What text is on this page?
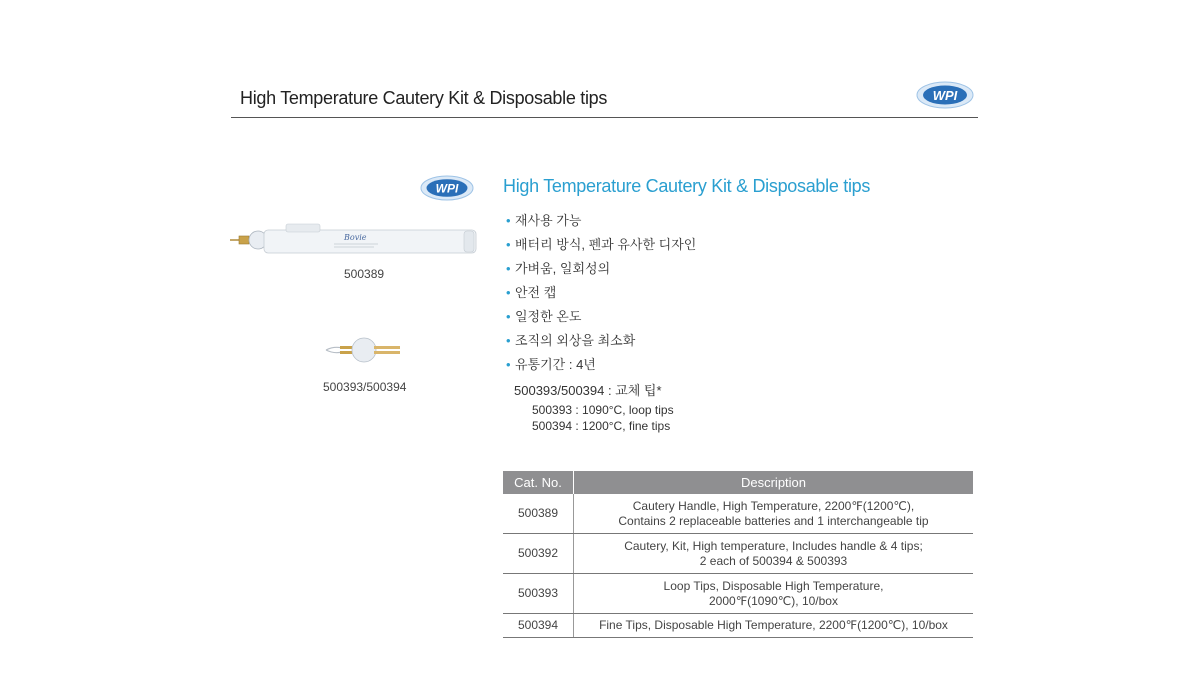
High Temperature Cautery Kit & Disposable tips	WPI
WPI
Bovie
500389
500393/500394
High Temperature Cautery Kit & Disposable tips
• 재사용 가능
• 배터리 방식, 펜과 유사한 디자인
• 가벼움, 일회성의
• 안전 캡
• 일정한 온도
• 조직의 외상을 최소화
• 유통기간 : 4년
500393/500394 : 교체 팁*
500393 : 1090°C, loop tips
500394 : 1200°C, fine tips
Cat. No.	Description
500389	Cautery Handle, High Temperature, 2200℉(1200℃),
Contains 2 replaceable batteries and 1 interchangeable tip

500392	Cautery, Kit, High temperature, Includes handle & 4 tips;
2 each of 500394 & 500393

500393	Loop Tips, Disposable High Temperature,
2000℉(1090℃), 10/box

500394	Fine Tips, Disposable High Temperature, 2200℉(1200℃), 10/box
